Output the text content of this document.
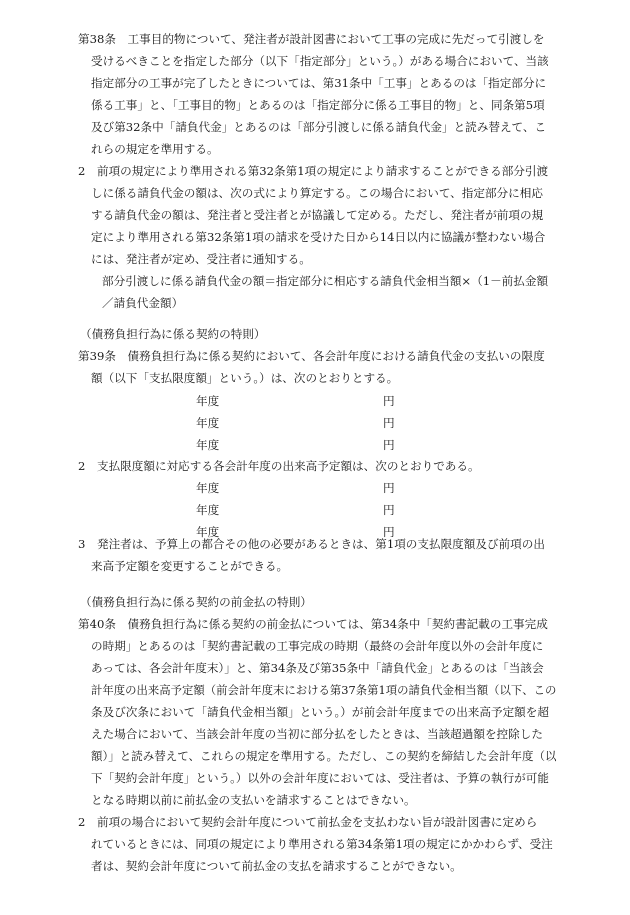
第38条　工事目的物について、発注者が設計図書において工事の完成に先だって引渡しを
受けるべきことを指定した部分（以下「指定部分」という。）がある場合において、当該
指定部分の工事が完了したときについては、第31条中「工事」とあるのは「指定部分に
係る工事」と、「工事目的物」とあるのは「指定部分に係る工事目的物」と、同条第5項
及び第32条中「請負代金」とあるのは「部分引渡しに係る請負代金」と読み替えて、こ
れらの規定を準用する。
2　前項の規定により準用される第32条第1項の規定により請求することができる部分引渡
しに係る請負代金の額は、次の式により算定する。この場合において、指定部分に相応
する請負代金の額は、発注者と受注者とが協議して定める。ただし、発注者が前項の規
定により準用される第32条第1項の請求を受けた日から14日以内に協議が整わない場合
には、発注者が定め、受注者に通知する。
部分引渡しに係る請負代金の額＝指定部分に相応する請負代金相当額×（1－前払金額
／請負代金額）
（債務負担行為に係る契約の特則）
第39条　債務負担行為に係る契約において、各会計年度における請負代金の支払いの限度
額（以下「支払限度額」という。）は、次のとおりとする。
年度	円
年度	円
年度	円
2　支払限度額に対応する各会計年度の出来高予定額は、次のとおりである。
年度	円
年度	円
年度	円
3　発注者は、予算上の都合その他の必要があるときは、第1項の支払限度額及び前項の出
来高予定額を変更することができる。
（債務負担行為に係る契約の前金払の特則）
第40条　債務負担行為に係る契約の前金払については、第34条中「契約書記載の工事完成
の時期」とあるのは「契約書記載の工事完成の時期（最終の会計年度以外の会計年度に
あっては、各会計年度末）」と、第34条及び第35条中「請負代金」とあるのは「当該会
計年度の出来高予定額（前会計年度末における第37条第1項の請負代金相当額（以下、この
条及び次条において「請負代金相当額」という。）が前会計年度までの出来高予定額を超
えた場合において、当該会計年度の当初に部分払をしたときは、当該超過額を控除した
額）」と読み替えて、これらの規定を準用する。ただし、この契約を締結した会計年度（以
下「契約会計年度」という。）以外の会計年度においては、受注者は、予算の執行が可能
となる時期以前に前払金の支払いを請求することはできない。
2　前項の場合において契約会計年度について前払金を支払わない旨が設計図書に定めら
れているときには、同項の規定により準用される第34条第1項の規定にかかわらず、受注
者は、契約会計年度について前払金の支払を請求することができない。
